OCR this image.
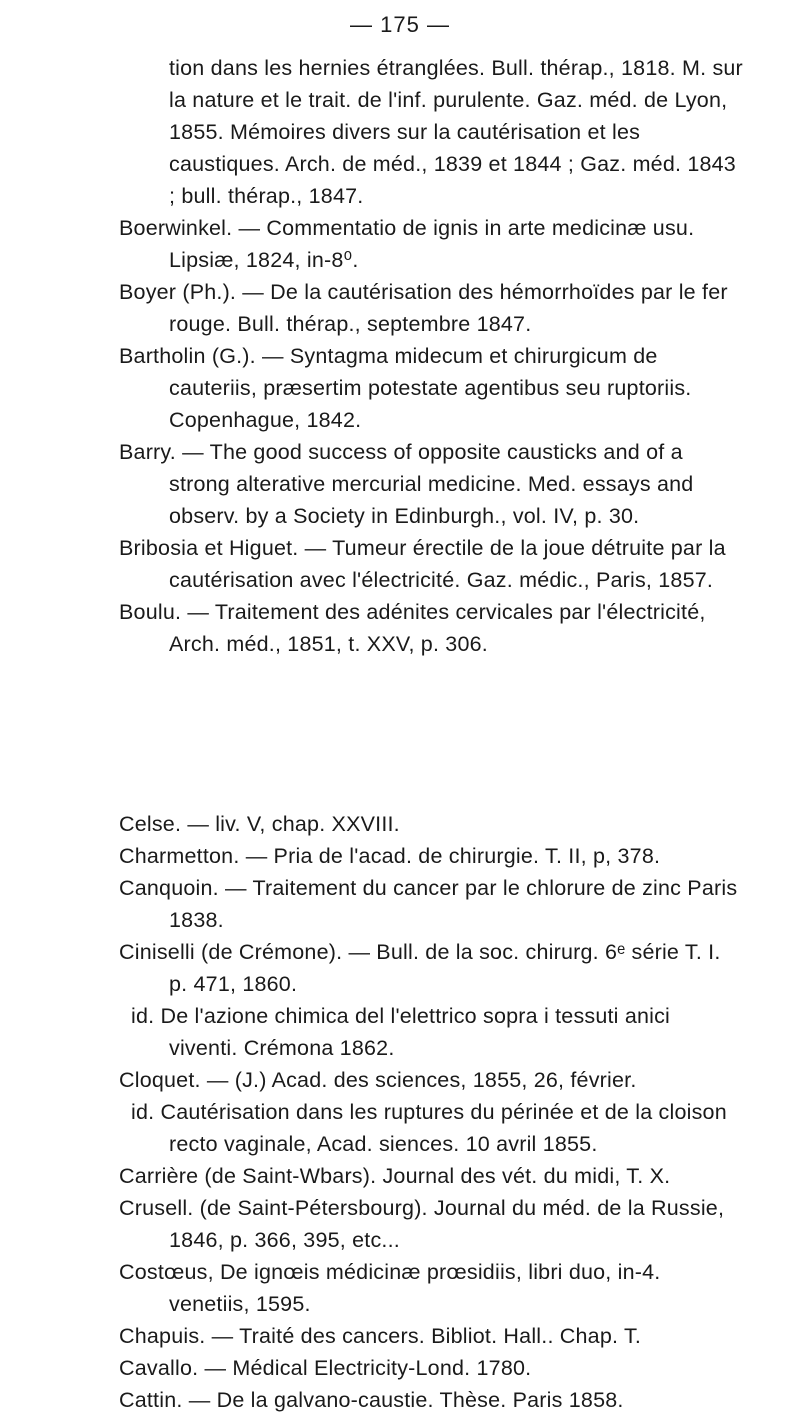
— 175 —

tion dans les hernies étranglées. Bull. thérap., 1818. M. sur la nature et le trait. de l'inf. purulente. Gaz. méd. de Lyon, 1855. Mémoires divers sur la cautérisation et les caustiques. Arch. de méd., 1839 et 1844 ; Gaz. méd. 1843 ; bull. thérap., 1847.

Boerwinkel. — Commentatio de ignis in arte medicinæ usu. Lipsiæ, 1824, in-8⁰.

Boyer (Ph.). — De la cautérisation des hémorrhoïdes par le fer rouge. Bull. thérap., septembre 1847.

Bartholin (G.). — Syntagma midecum et chirurgicum de cauteriis, præsertim potestate agentibus seu ruptoriis. Copenhague, 1842.

Barry. — The good success of opposite causticks and of a strong alterative mercurial medicine. Med. essays and observ. by a Society in Edinburgh., vol. IV, p. 30.

Bribosia et Higuet. — Tumeur érectile de la joue détruite par la cautérisation avec l'électricité. Gaz. médic., Paris, 1857.

Boulu. — Traitement des adénites cervicales par l'électricité, Arch. méd., 1851, t. XXV, p. 306.

Celse. — liv. V, chap. XXVIII.

Charmetton. — Pria de l'acad. de chirurgie. T. II, p, 378.

Canquoin. — Traitement du cancer par le chlorure de zinc Paris 1838.

Ciniselli (de Crémone). — Bull. de la soc. chirurg. 6ᵉ série T. I. p. 471, 1860.

id. De l'azione chimica del l'elettrico sopra i tessuti anici viventi. Crémona 1862.

Cloquet. — (J.) Acad. des sciences, 1855, 26, février.

id. Cautérisation dans les ruptures du périnée et de la cloison recto vaginale, Acad. siences. 10 avril 1855.

Carrière (de Saint-Wbars). Journal des vét. du midi, T. X.

Crusell. (de Saint-Pétersbourg). Journal du méd. de la Russie, 1846, p. 366, 395, etc...

Costœus, De ignœis médicinæ prœsidiis, libri duo, in-4. venetiis, 1595.

Chapuis. — Traité des cancers. Bibliot. Hall.. Chap. T.

Cavallo. — Médical Electricity-Lond. 1780.

Cattin. — De la galvano-caustie. Thèse. Paris 1858.
